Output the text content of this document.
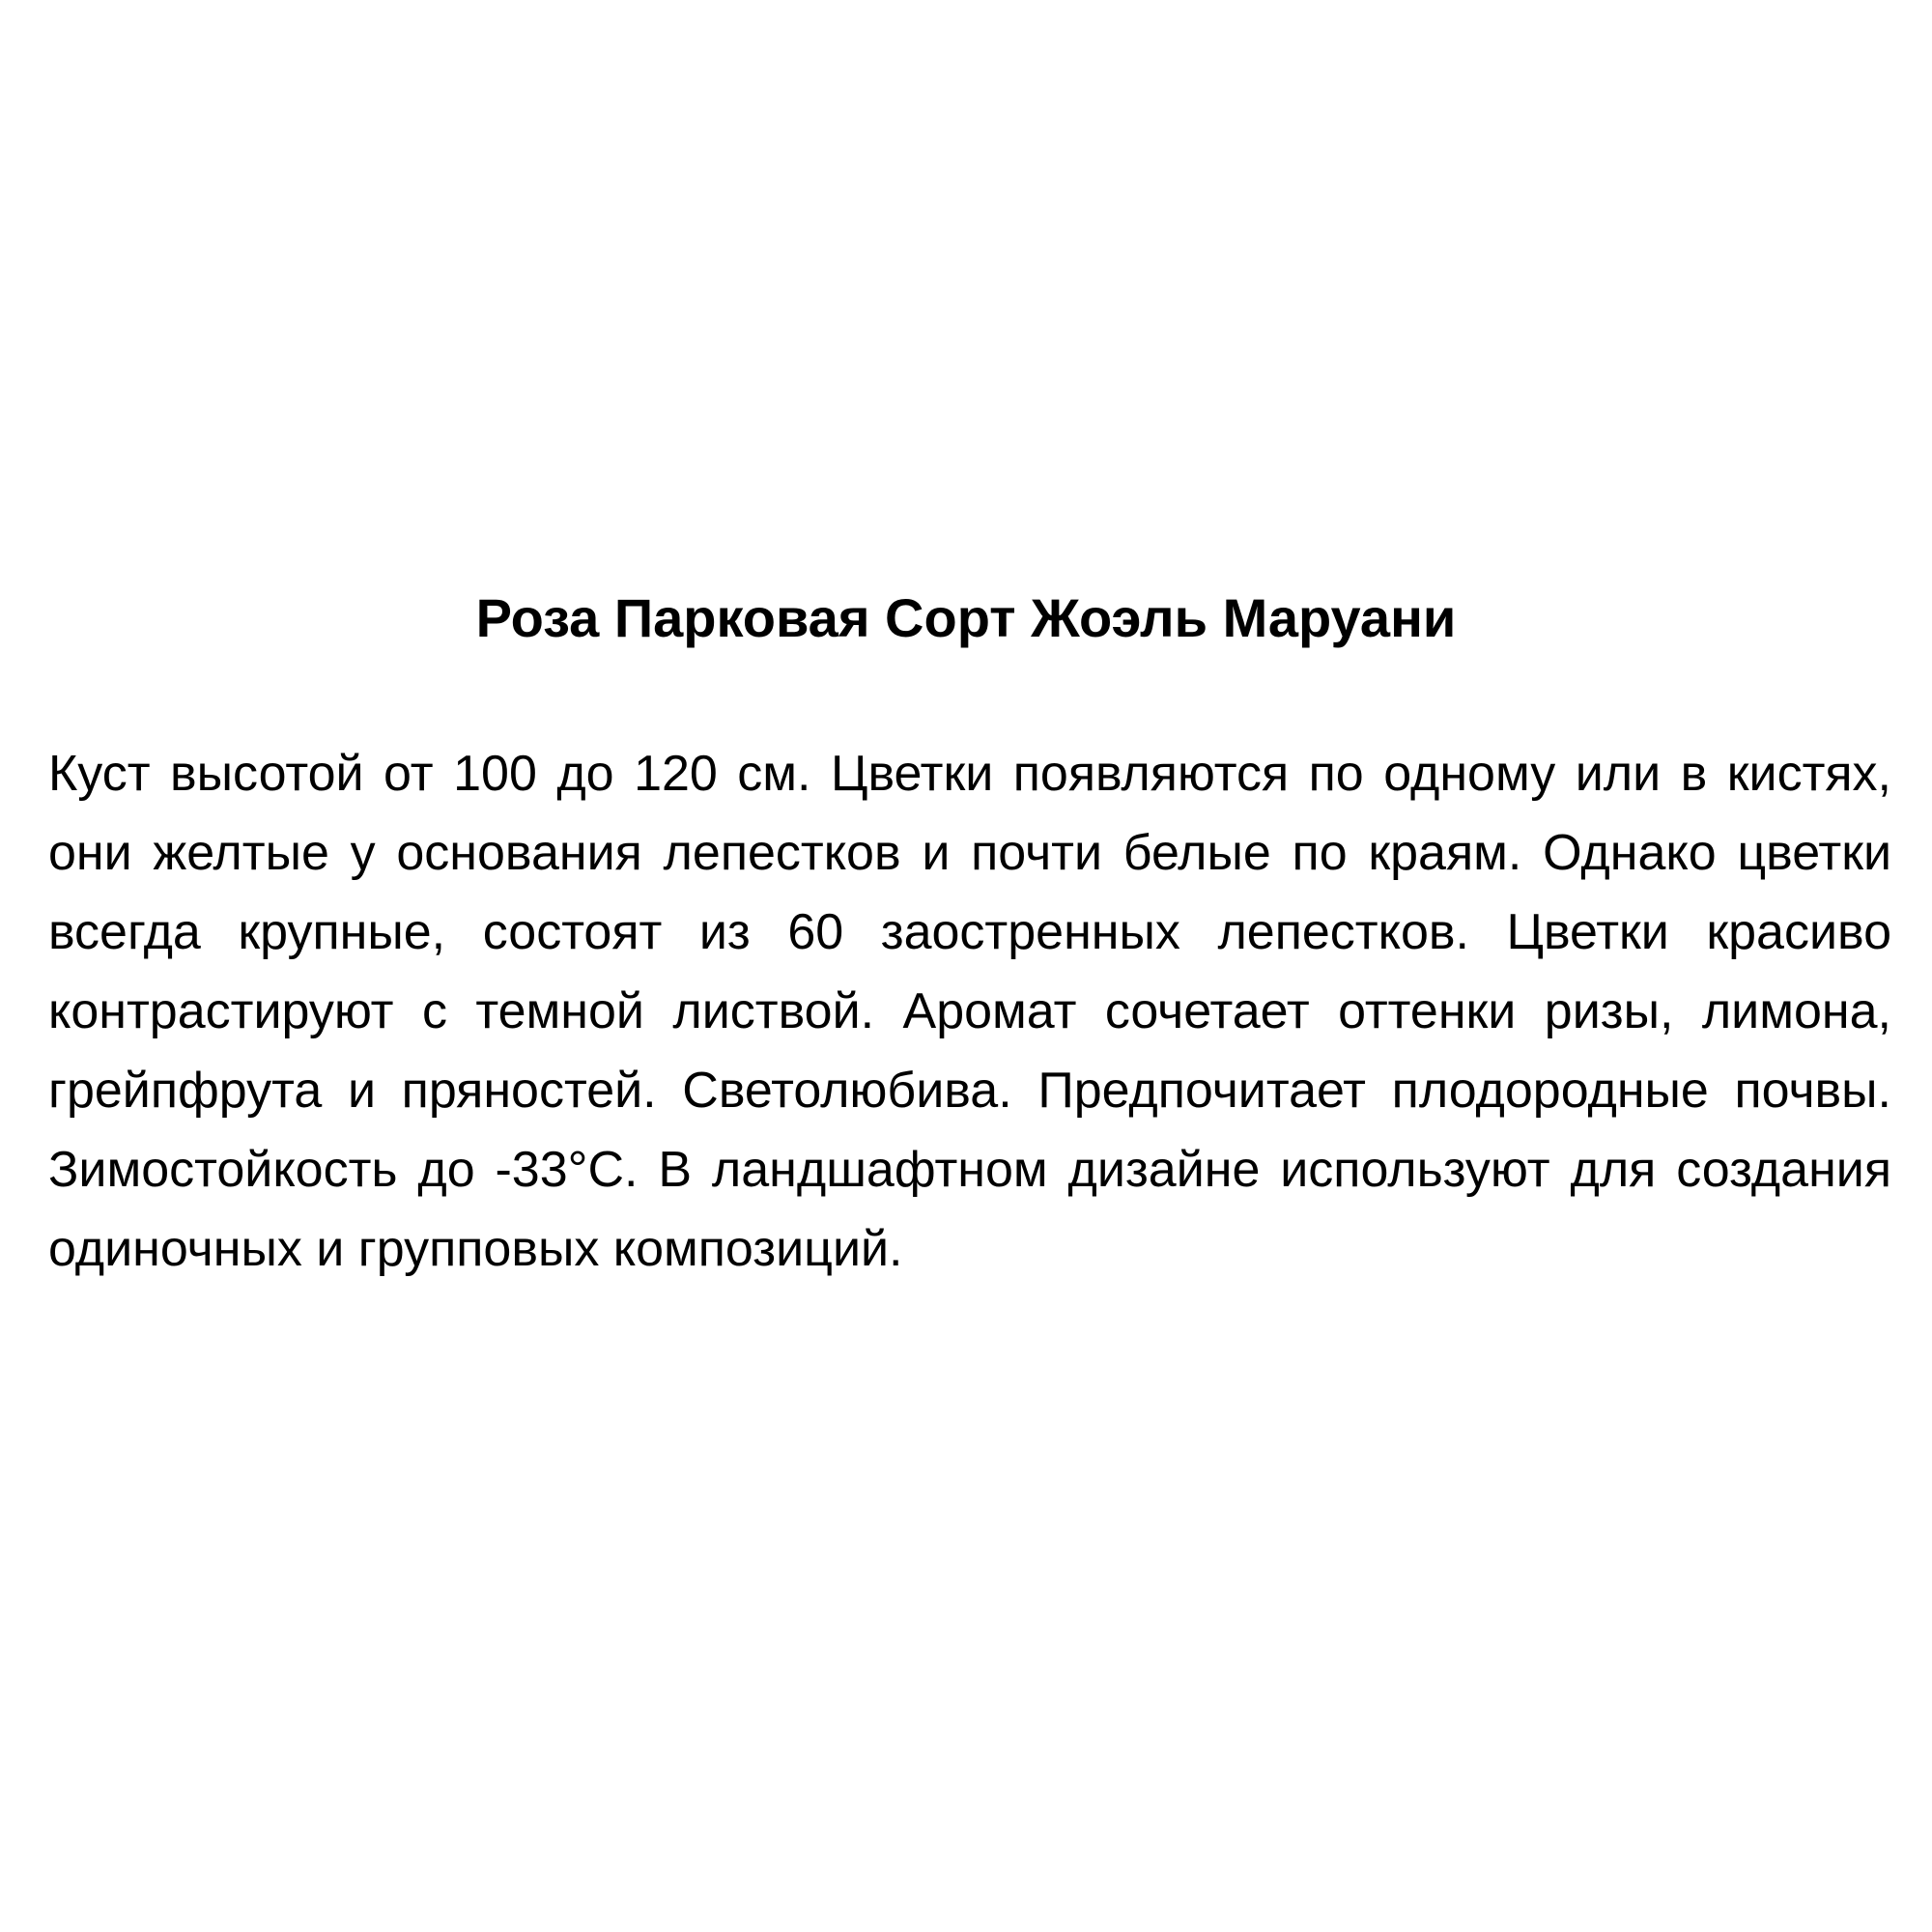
Роза Парковая Сорт Жоэль Маруани

Куст высотой от 100 до 120 см. Цветки появляются по одному или в кистях, они желтые у основания лепестков и почти белые по краям. Однако цветки всегда крупные, состоят из 60 заостренных лепестков. Цветки красиво контрастируют с темной листвой. Аромат сочетает оттенки ризы, лимона, грейпфрута и пряностей. Светолюбива. Предпочитает плодородные почвы. Зимостойкость до -33°С. В ландшафтном дизайне используют для создания одиночных и групповых композиций.
